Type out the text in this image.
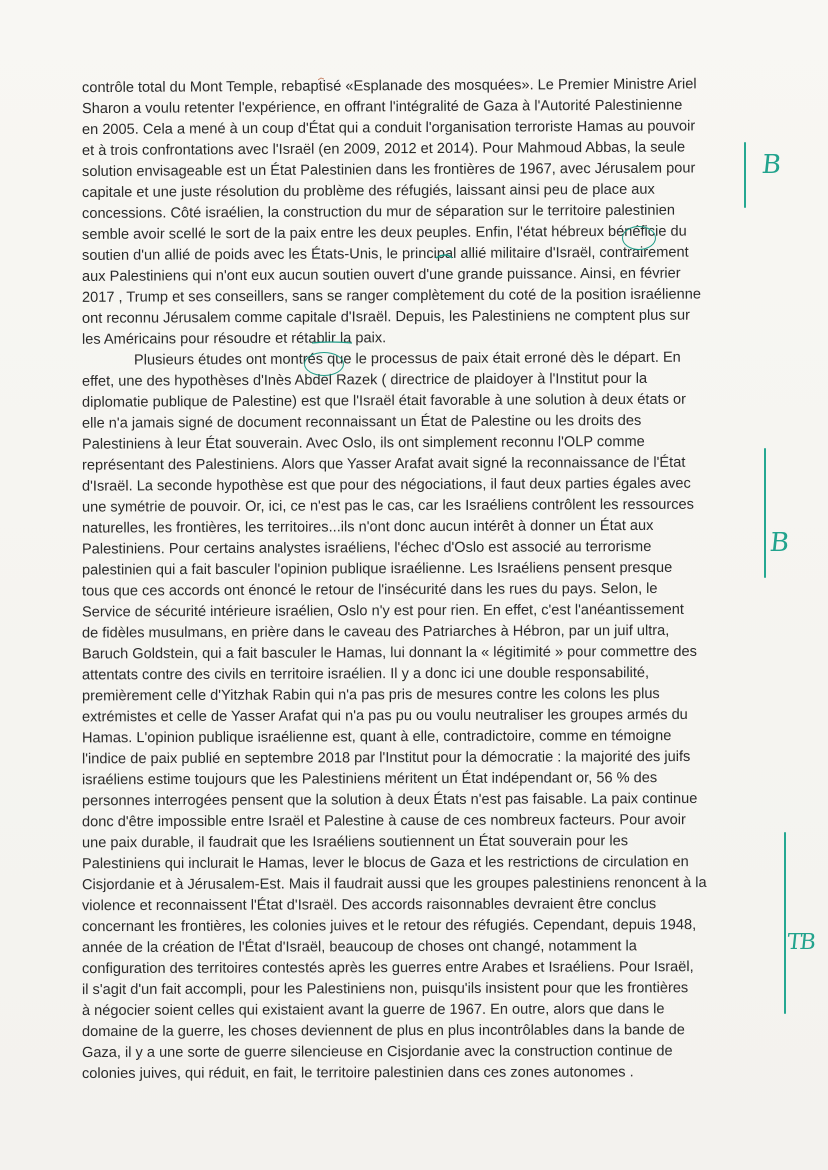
contrôle total du Mont Temple, rebaptisé «Esplanade des mosquées». Le Premier Ministre Ariel
Sharon a voulu retenter l'expérience, en offrant l'intégralité de Gaza à l'Autorité Palestinienne
en 2005. Cela a mené à un coup d'État qui a conduit l'organisation terroriste Hamas au pouvoir
et à trois confrontations avec l'Israël (en 2009, 2012 et 2014). Pour Mahmoud Abbas, la seule
solution envisageable est un État Palestinien dans les frontières de 1967, avec Jérusalem pour
capitale et une juste résolution du problème des réfugiés, laissant ainsi peu de place aux
concessions. Côté israélien, la construction du mur de séparation sur le territoire palestinien
semble avoir scellé le sort de la paix entre les deux peuples. Enfin, l'état hébreux bénéficie du
soutien d'un allié de poids avec les États-Unis, le principal allié militaire d'Israël, contrairement
aux Palestiniens qui n'ont eux aucun soutien ouvert d'une grande puissance. Ainsi, en février
2017 , Trump et ses conseillers, sans se ranger complètement du coté de la position israélienne
ont reconnu Jérusalem comme capitale d'Israël. Depuis, les Palestiniens ne comptent plus sur
les Américains pour résoudre et rétablir la paix.
Plusieurs études ont montrés que le processus de paix était erroné dès le départ. En
effet, une des hypothèses d'Inès Abdel Razek ( directrice de plaidoyer à l'Institut pour la
diplomatie publique de Palestine) est que l'Israël était favorable à une solution à deux états or
elle n'a jamais signé de document reconnaissant un État de Palestine ou les droits des
Palestiniens à leur État souverain. Avec Oslo, ils ont simplement reconnu l'OLP comme
représentant des Palestiniens. Alors que Yasser Arafat avait signé la reconnaissance de l'État
d'Israël. La seconde hypothèse est que pour des négociations, il faut deux parties égales avec
une symétrie de pouvoir. Or, ici, ce n'est pas le cas, car les Israéliens contrôlent les ressources
naturelles, les frontières, les territoires...ils n'ont donc aucun intérêt à donner un État aux
Palestiniens. Pour certains analystes israéliens, l'échec d'Oslo est associé au terrorisme
palestinien qui a fait basculer l'opinion publique israélienne. Les Israéliens pensent presque
tous que ces accords ont énoncé le retour de l'insécurité dans les rues du pays. Selon, le
Service de sécurité intérieure israélien, Oslo n'y est pour rien. En effet, c'est l'anéantissement
de fidèles musulmans, en prière dans le caveau des Patriarches à Hébron, par un juif ultra,
Baruch Goldstein, qui a fait basculer le Hamas, lui donnant la « légitimité » pour commettre des
attentats contre des civils en territoire israélien. Il y a donc ici une double responsabilité,
premièrement celle d'Yitzhak Rabin qui n'a pas pris de mesures contre les colons les plus
extrémistes et celle de Yasser Arafat qui n'a pas pu ou voulu neutraliser les groupes armés du
Hamas. L'opinion publique israélienne est, quant à elle, contradictoire, comme en témoigne
l'indice de paix publié en septembre 2018 par l'Institut pour la démocratie : la majorité des juifs
israéliens estime toujours que les Palestiniens méritent un État indépendant or, 56 % des
personnes interrogées pensent que la solution à deux États n'est pas faisable. La paix continue
donc d'être impossible entre Israël et Palestine à cause de ces nombreux facteurs. Pour avoir
une paix durable, il faudrait que les Israéliens soutiennent un État souverain pour les
Palestiniens qui inclurait le Hamas, lever le blocus de Gaza et les restrictions de circulation en
Cisjordanie et à Jérusalem-Est. Mais il faudrait aussi que les groupes palestiniens renoncent à la
violence et reconnaissent l'État d'Israël. Des accords raisonnables devraient être conclus
concernant les frontières, les colonies juives et le retour des réfugiés. Cependant, depuis 1948,
année de la création de l'État d'Israël, beaucoup de choses ont changé, notamment la
configuration des territoires contestés après les guerres entre Arabes et Israéliens. Pour Israël,
il s'agit d'un fait accompli, pour les Palestiniens non, puisqu'ils insistent pour que les frontières
à négocier soient celles qui existaient avant la guerre de 1967. En outre, alors que dans le
domaine de la guerre, les choses deviennent de plus en plus incontrôlables dans la bande de
Gaza, il y a une sorte de guerre silencieuse en Cisjordanie avec la construction continue de
colonies juives, qui réduit, en fait, le territoire palestinien dans ces zones autonomes .
B
B
TB
